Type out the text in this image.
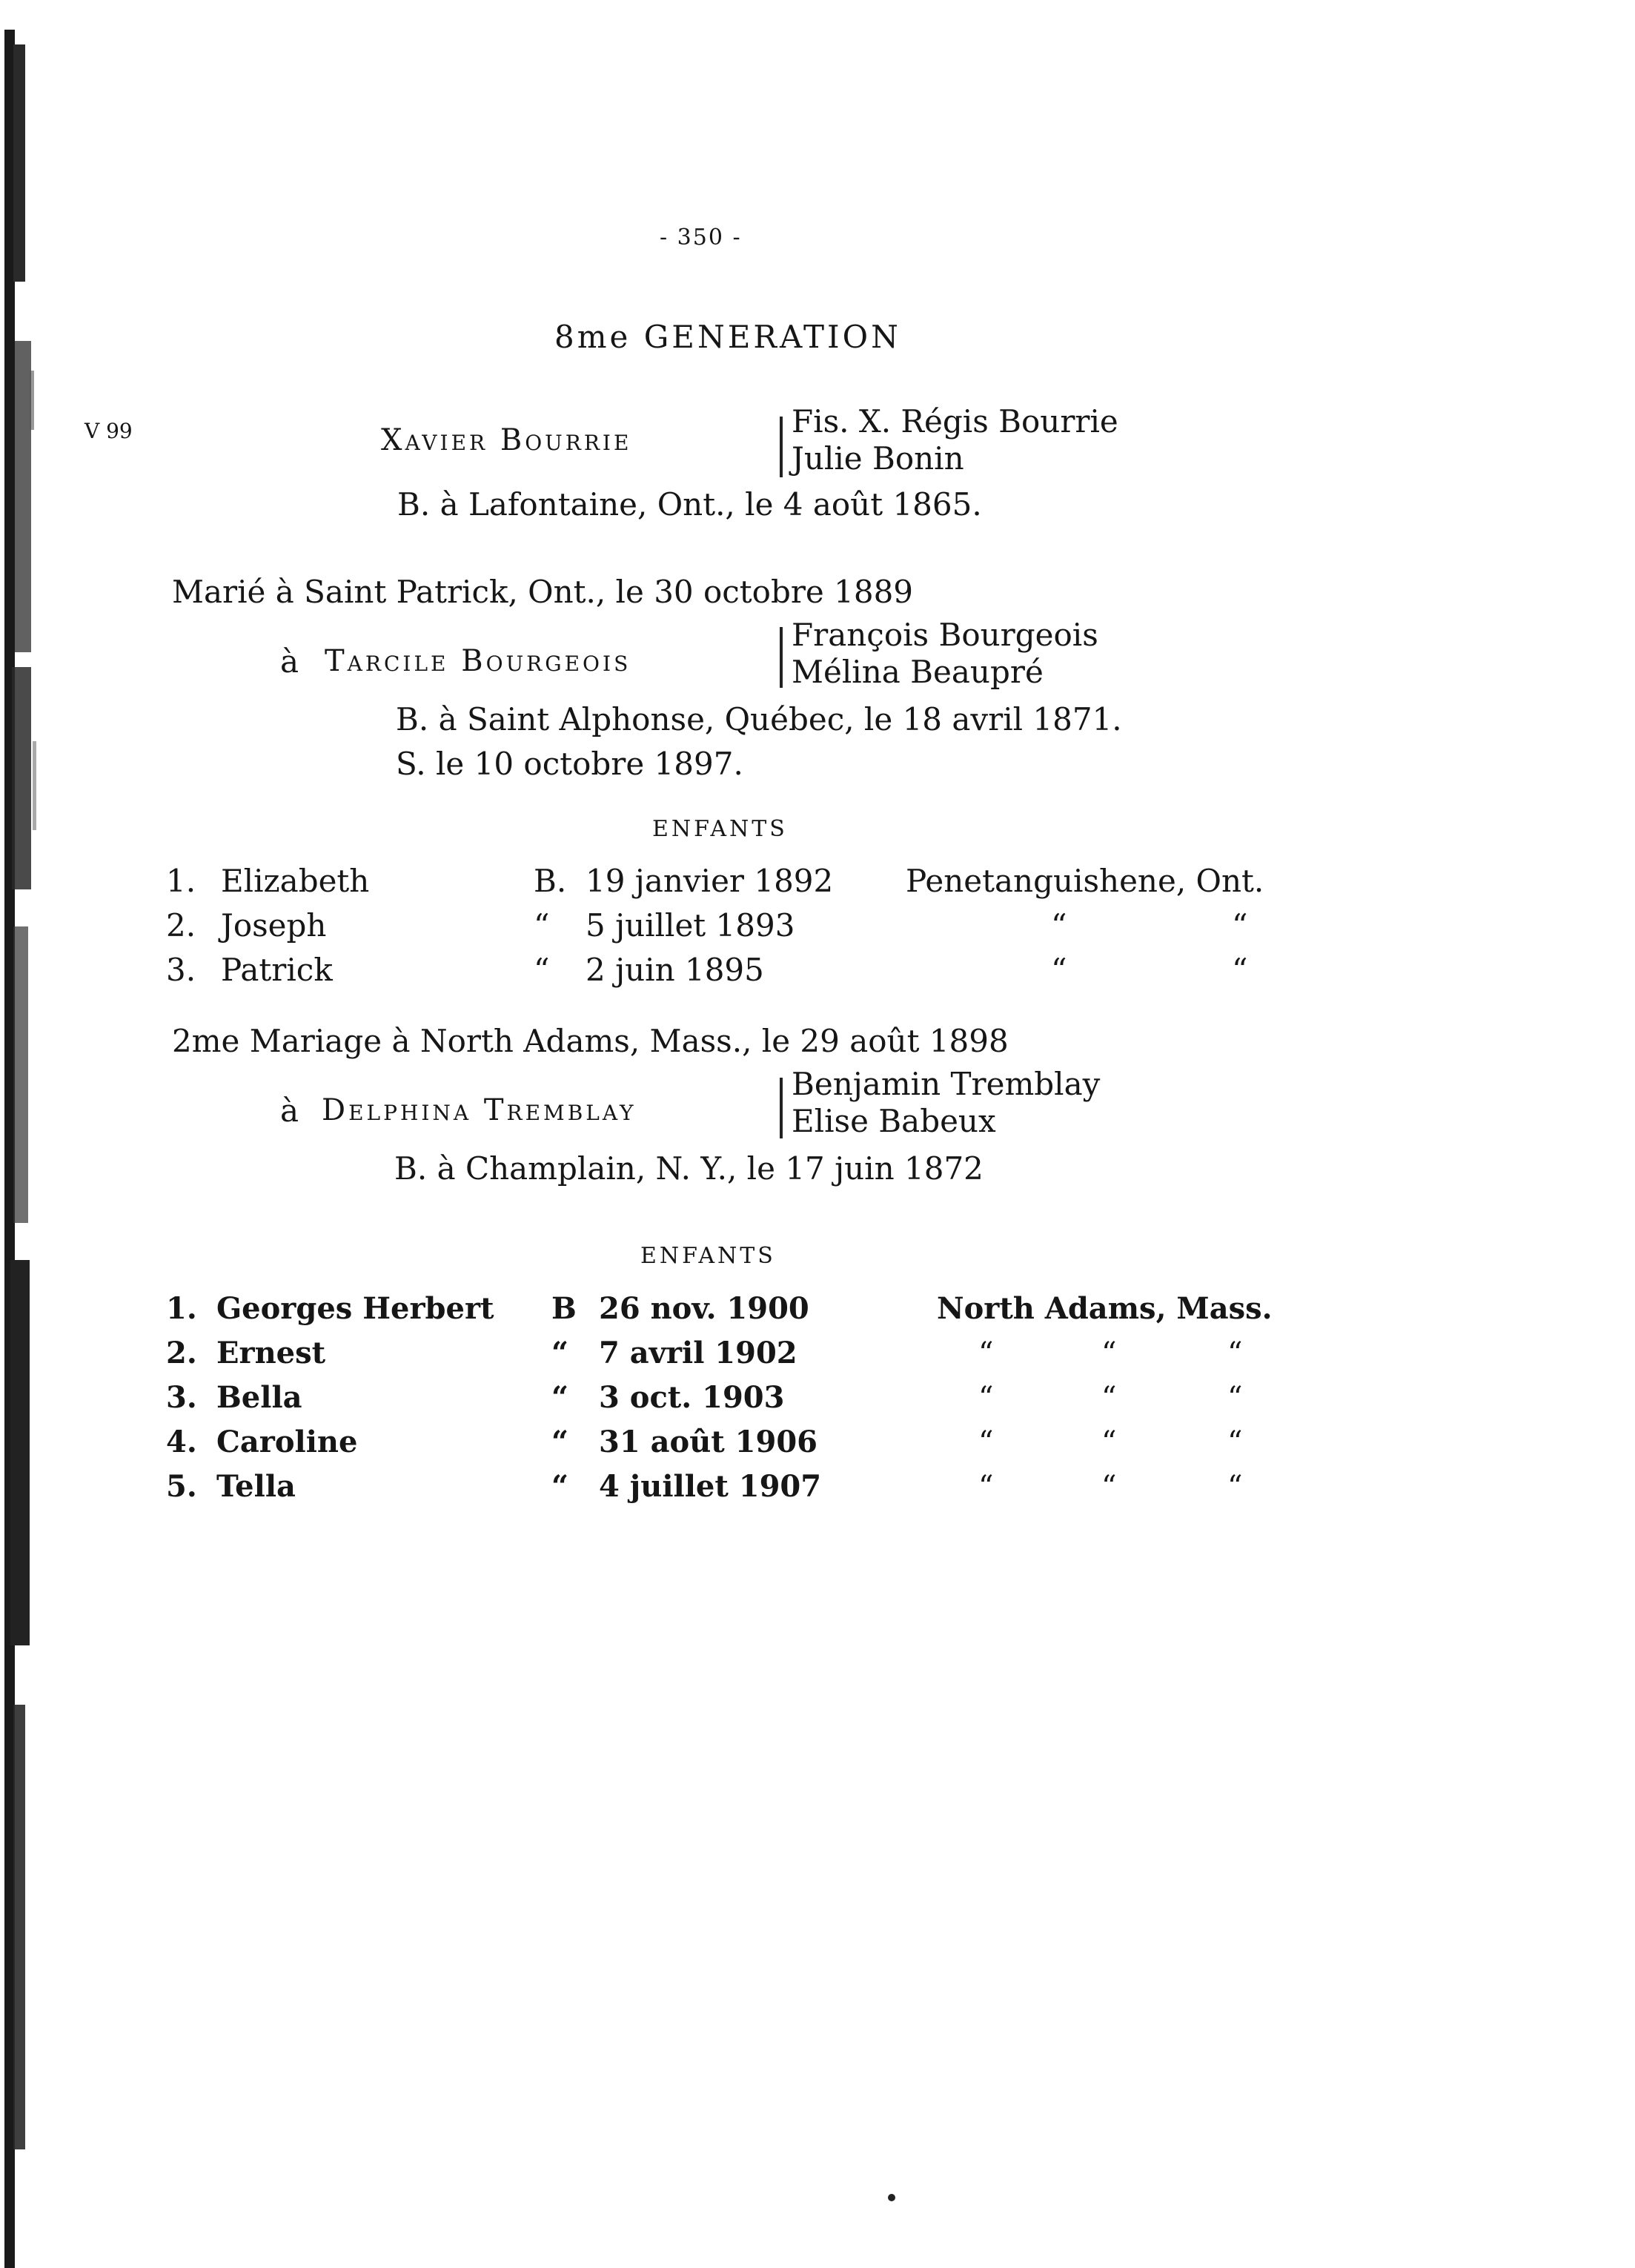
- 350 -
8me GENERATION
V 99	Xavier Bourrie
Fis. X. Régis Bourrie
Julie Bonin
B. à Lafontaine, Ont., le 4 août 1865.
Marié à Saint Patrick, Ont., le 30 octobre 1889
à Tarcile Bourgeois
François Bourgeois
Mélina Beaupré
B. à Saint Alphonse, Québec, le 18 avril 1871.
S. le 10 octobre 1897.
ENFANTS
1. Elizabeth	B. 19 janvier 1892 Penetanguishene, Ont.
2. Joseph	“ 5 juillet 1893	“	“
3. Patrick	“ 2 juin 1895	“	“
2me Mariage à North Adams, Mass., le 29 août 1898
à Delphina Tremblay
Benjamin Tremblay
Elise Babeux
B. à Champlain, N. Y., le 17 juin 1872
ENFANTS
1. Georges Herbert B 26 nov. 1900	North Adams, Mass.
2. Ernest	“ 7 avril 1902	“	“	“
3. Bella	“ 3 oct. 1903	“	“	“
4. Caroline	“ 31 août 1906	“	“	“
5. Tella	“ 4 juillet 1907	“	“	“
